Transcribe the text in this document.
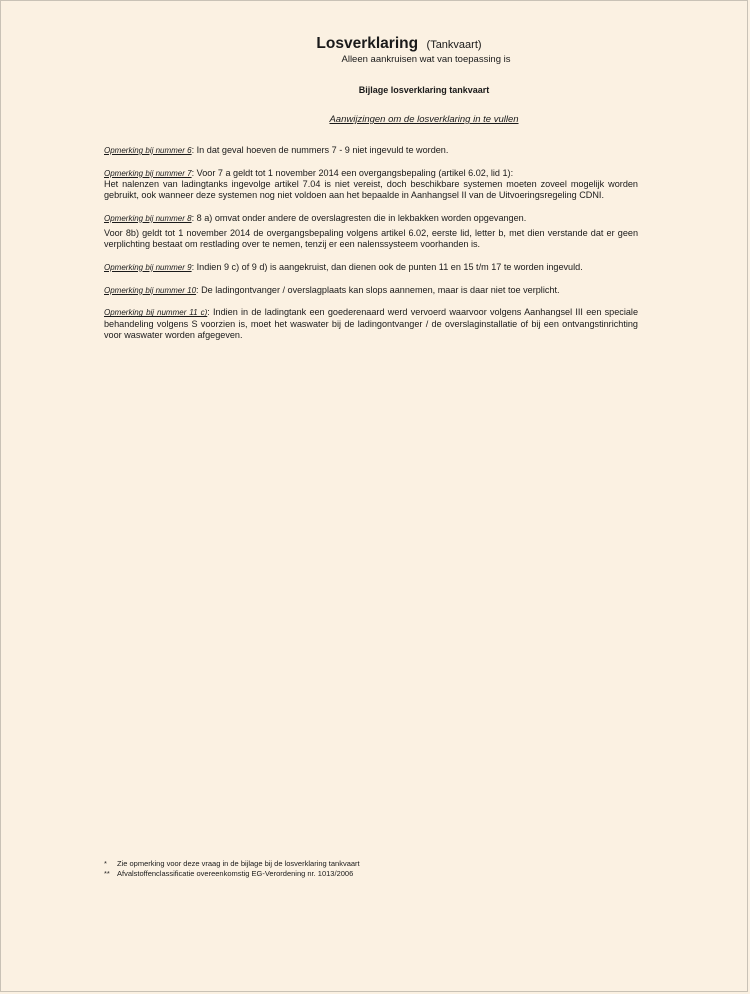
Losverklaring (Tankvaart)
Alleen aankruisen wat van toepassing is
Bijlage losverklaring tankvaart
Aanwijzingen om de losverklaring in te vullen

Opmerking bij nummer 6: In dat geval hoeven de nummers 7 - 9 niet ingevuld te worden.

Opmerking bij nummer 7: Voor 7 a geldt tot 1 november 2014 een overgangsbepaling (artikel 6.02, lid 1):

Het nalenzen van ladingtanks ingevolge artikel 7.04 is niet vereist, doch beschikbare systemen moeten zoveel mogelijk worden gebruikt, ook wanneer deze systemen nog niet voldoen aan het bepaalde in Aanhangsel II van de Uitvoeringsregeling CDNI.

Opmerking bij nummer 8: 8 a) omvat onder andere de overslagresten die in lekbakken worden opgevangen.

Voor 8b) geldt tot 1 november 2014 de overgangsbepaling volgens artikel 6.02, eerste lid, letter b, met dien verstande dat er geen verplichting bestaat om restlading over te nemen, tenzij er een nalenssysteem voorhanden is.

Opmerking bij nummer 9: Indien 9 c) of 9 d) is aangekruist, dan dienen ook de punten 11 en 15 t/m 17 te worden ingevuld.

Opmerking bij nummer 10: De ladingontvanger / overslagplaats kan slops aannemen, maar is daar niet toe verplicht.

Opmerking bij nummer 11 c): Indien in de ladingtank een goederenaard werd vervoerd waarvoor volgens Aanhangsel III een speciale behandeling volgens S voorzien is, moet het waswater bij de ladingontvanger / de overslaginstallatie of bij een ontvangstinrichting voor waswater worden afgegeven.

*	Zie opmerking voor deze vraag in de bijlage bij de losverklaring tankvaart
** Afvalstoffenclassificatie overeenkomstig EG-Verordening nr. 1013/2006
